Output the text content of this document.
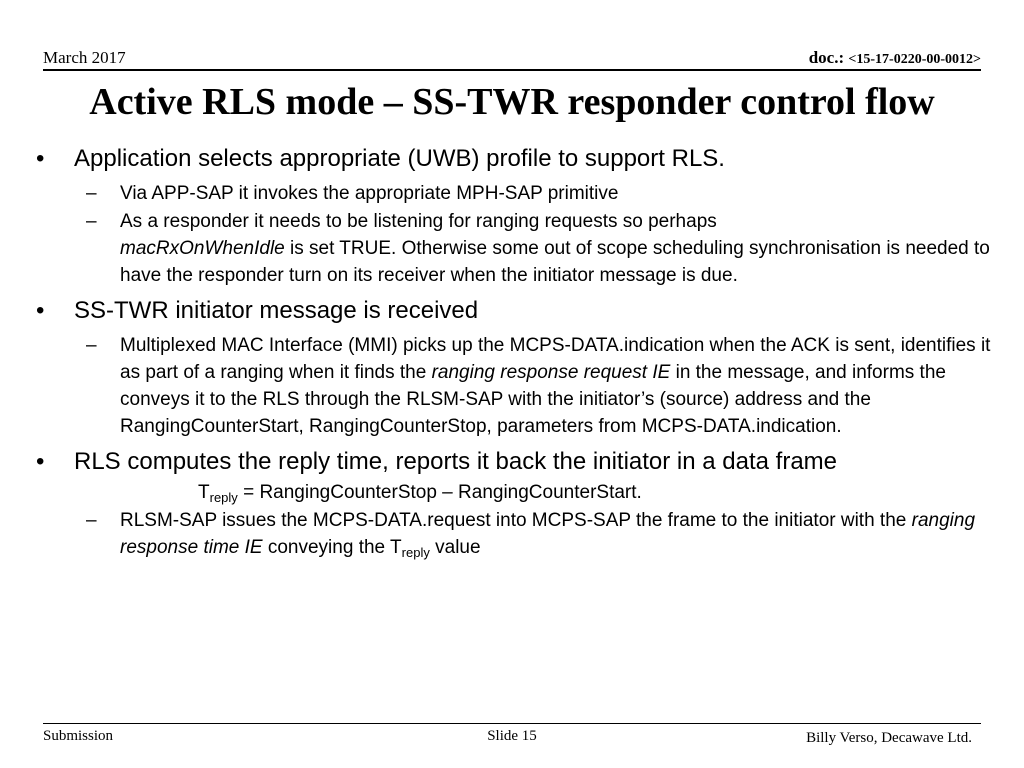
March 2017	doc.: <15-17-0220-00-0012>
Active RLS mode – SS-TWR responder control flow
•	Application selects appropriate (UWB) profile to support RLS.
– Via APP-SAP it invokes the appropriate MPH-SAP primitive
– As a responder it needs to be listening for ranging requests so perhaps
macRxOnWhenIdle is set TRUE. Otherwise some out of scope scheduling synchronisation is needed to have the responder turn on its receiver when the initiator message is due.
•	SS-TWR initiator message is received
– Multiplexed MAC Interface (MMI) picks up the MCPS-DATA.indication when the ACK is sent, identifies it as part of a ranging when it finds the ranging response request IE in the message, and informs the conveys it to the RLS through the RLSM-SAP with the initiator’s (source) address and the RangingCounterStart, RangingCounterStop, parameters from MCPS-DATA.indication.
•	RLS computes the reply time, reports it back the initiator in a data frame
$T_{reply}$ = RangingCounterStop – RangingCounterStart.
– RLSM-SAP issues the MCPS-DATA.request into MCPS-SAP the frame to the initiator with the ranging response time IE conveying the $T_{reply}$ value
Submission	Slide 15	Billy Verso, Decawave Ltd.
